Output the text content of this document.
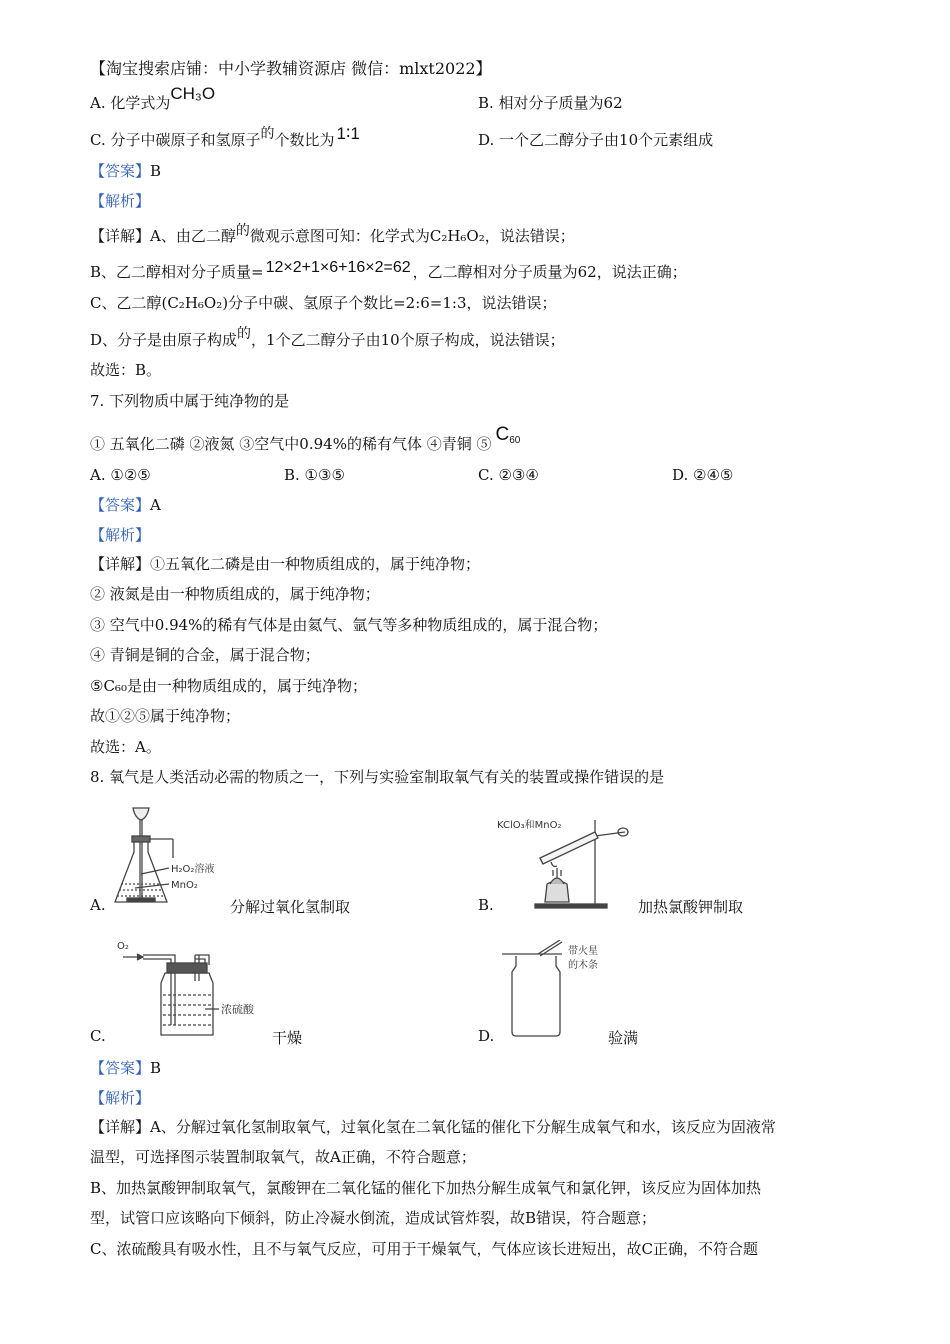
【淘宝搜索店铺：中小学教辅资源店 微信：mlxt2022】
A. 化学式为CH₃O	B. 相对分子质量为62
C. 分子中碳原子和氢原子的个数比为 1∶1	D. 一个乙二醇分子由10个元素组成
【答案】B
【解析】
【详解】A、由乙二醇的微观示意图可知：化学式为C₂H₆O₂，说法错误；
B、乙二醇相对分子质量= 12×2+1×6+16×2=62 ，乙二醇相对分子质量为62，说法正确；
C、乙二醇(C₂H₆O₂)分子中碳、氢原子个数比=2:6=1:3，说法错误；
D、分子是由原子构成的，1个乙二醇分子由10个原子构成，说法错误；
故选：B。
7. 下列物质中属于纯净物的是
① 五氧化二磷 ②液氮 ③空气中0.94%的稀有气体 ④青铜 ⑤ $C_{60}$
A. ①②⑤	B. ①③⑤	C. ②③④	D. ②④⑤
【答案】A
【解析】
【详解】①五氧化二磷是由一种物质组成的，属于纯净物；
② 液氮是由一种物质组成的，属于纯净物；
③ 空气中0.94%的稀有气体是由氦气、氩气等多种物质组成的，属于混合物；
④ 青铜是铜的合金，属于混合物；
⑤C₆₀是由一种物质组成的，属于纯净物；
故①②⑤属于纯净物；
故选：A。
8. 氧气是人类活动必需的物质之一，下列与实验室制取氧气有关的装置或操作错误的是
H₂O₂溶液
MnO₂
A.	分解过氧化氢制取
KClO₃和MnO₂
B.	加热氯酸钾制取
O₂
浓硫酸
C.	干燥
带火星
的木条
D.	验满
【答案】B
【解析】
【详解】A、分解过氧化氢制取氧气，过氧化氢在二氧化锰的催化下分解生成氧气和水，该反应为固液常
温型，可选择图示装置制取氧气，故A正确，不符合题意；
B、加热氯酸钾制取氧气，氯酸钾在二氧化锰的催化下加热分解生成氧气和氯化钾，该反应为固体加热
型，试管口应该略向下倾斜，防止冷凝水倒流，造成试管炸裂，故B错误，符合题意；
C、浓硫酸具有吸水性，且不与氧气反应，可用于干燥氧气，气体应该长进短出，故C正确，不符合题
